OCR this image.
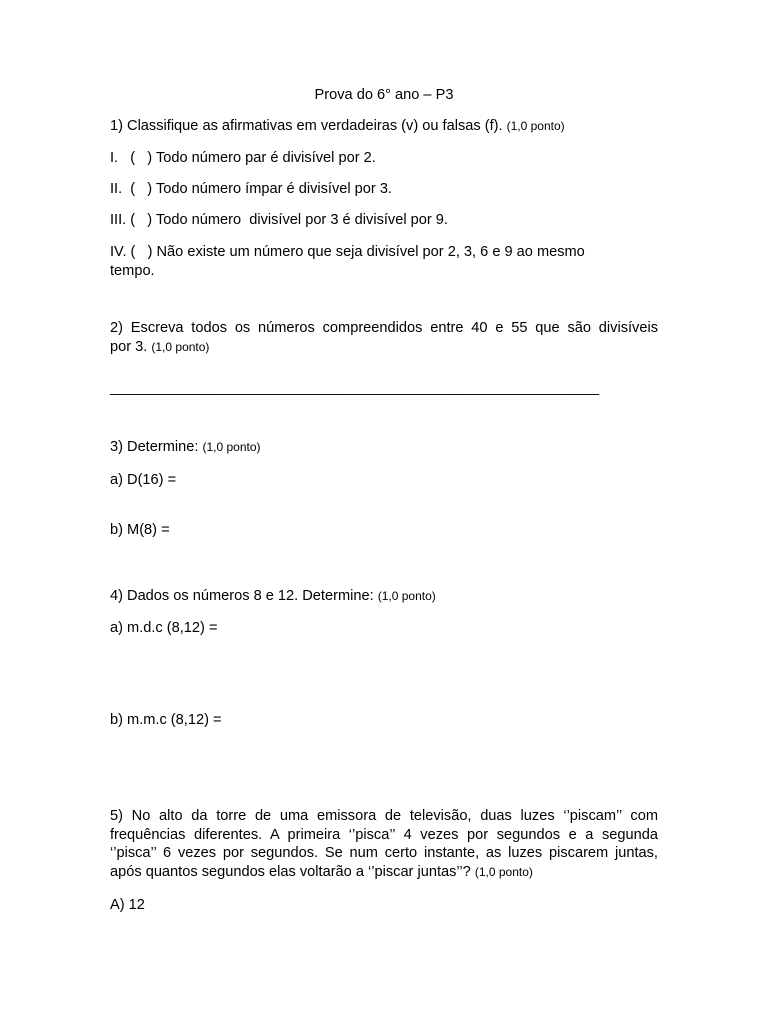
Prova do 6° ano – P3
1) Classifique as afirmativas em verdadeiras (v) ou falsas (f). (1,0 ponto)
I.   (   ) Todo número par é divisível por 2.
II.  (   ) Todo número ímpar é divisível por 3.
III. (   ) Todo número  divisível por 3 é divisível por 9.
IV. (   ) Não existe um número que seja divisível por 2, 3, 6 e 9 ao mesmo
tempo.
2) Escreva todos os números compreendidos entre 40 e 55 que são divisíveis
por 3. (1,0 ponto)
_________________________________________________________________
3) Determine: (1,0 ponto)
a) D(16) =
b) M(8) =
4) Dados os números 8 e 12. Determine: (1,0 ponto)
a) m.d.c (8,12) =
b) m.m.c (8,12) =
5) No alto da torre de uma emissora de televisão, duas luzes ‘’piscam’’ com
frequências diferentes. A primeira ‘’pisca’’ 4 vezes por segundos e a segunda
‘’pisca’’ 6 vezes por segundos. Se num certo instante, as luzes piscarem juntas,
após quantos segundos elas voltarão a ‘’piscar juntas’’? (1,0 ponto)
A) 12
